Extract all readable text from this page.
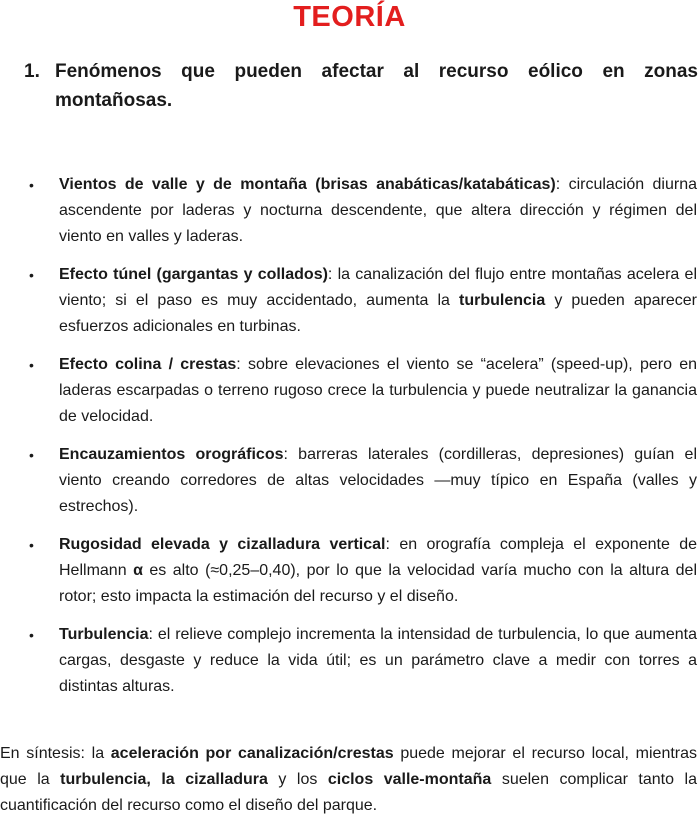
TEORÍA
1. Fenómenos que pueden afectar al recurso eólico en zonas montañosas.
• Vientos de valle y de montaña (brisas anabáticas/katabáticas): circulación diurna ascendente por laderas y nocturna descendente, que altera dirección y régimen del viento en valles y laderas.
• Efecto túnel (gargantas y collados): la canalización del flujo entre montañas acelera el viento; si el paso es muy accidentado, aumenta la turbulencia y pueden aparecer esfuerzos adicionales en turbinas.
• Efecto colina / crestas: sobre elevaciones el viento se “acelera” (speed-up), pero en laderas escarpadas o terreno rugoso crece la turbulencia y puede neutralizar la ganancia de velocidad.
• Encauzamientos orográficos: barreras laterales (cordilleras, depresiones) guían el viento creando corredores de altas velocidades —muy típico en España (valles y estrechos).
• Rugosidad elevada y cizalladura vertical: en orografía compleja el exponente de Hellmann α es alto (≈0,25–0,40), por lo que la velocidad varía mucho con la altura del rotor; esto impacta la estimación del recurso y el diseño.
• Turbulencia: el relieve complejo incrementa la intensidad de turbulencia, lo que aumenta cargas, desgaste y reduce la vida útil; es un parámetro clave a medir con torres a distintas alturas.
En síntesis: la aceleración por canalización/crestas puede mejorar el recurso local, mientras que la turbulencia, la cizalladura y los ciclos valle-montaña suelen complicar tanto la cuantificación del recurso como el diseño del parque.
